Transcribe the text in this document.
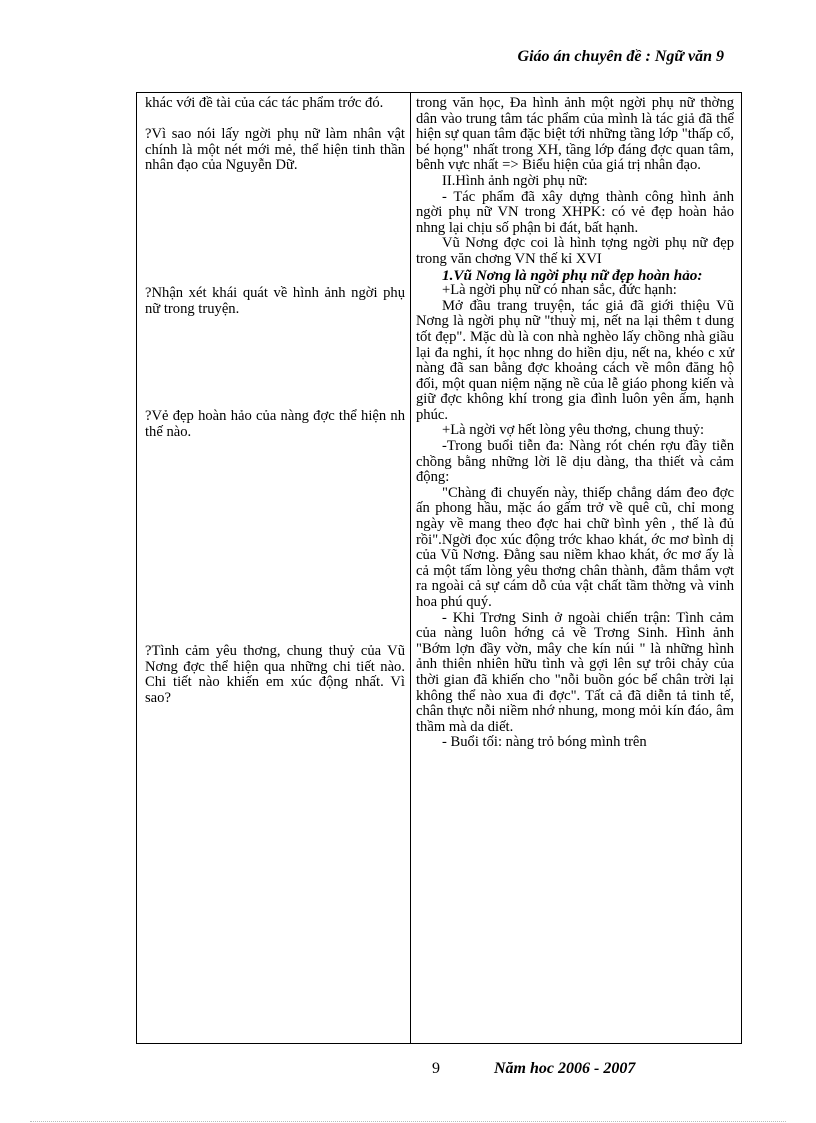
Giáo án chuyên đề : Ngữ văn 9

khác với đề tài của các tác phẩm trớc đó.

?Vì sao nói lấy ngời phụ nữ làm nhân vật chính là một nét mới mẻ, thể hiện tinh thần nhân đạo của Nguyễn Dữ.

?Nhận xét khái quát về hình ảnh ngời phụ nữ trong truyện.

?Vẻ đẹp hoàn hảo của nàng đợc thể hiện nh thế nào.

?Tình cảm yêu thơng, chung thuỷ của Vũ Nơng đợc thể hiện qua những chi tiết nào. Chi tiết nào khiến em xúc động nhất. Vì sao?

trong văn học, Đa hình ảnh một ngời phụ nữ thờng dân vào trung tâm tác phẩm của mình là tác giả đã thể hiện sự quan tâm đặc biệt tới những tầng lớp "thấp cổ, bé họng" nhất trong XH, tầng lớp đáng đợc quan tâm, bênh vực nhất => Biểu hiện của giá trị nhân đạo.

II.Hình ảnh ngời phụ nữ:

- Tác phẩm đã xây dựng thành công hình ảnh ngời phụ nữ VN trong XHPK: có vẻ đẹp hoàn hảo nhng lại chịu số phận bi đát, bất hạnh.

Vũ Nơng đợc coi là hình tợng ngời phụ nữ đẹp trong văn chơng VN thế kỉ XVI

1.Vũ Nơng là ngời phụ nữ đẹp hoàn hảo:

+Là ngời phụ nữ có nhan sắc, đức hạnh:

Mở đầu trang truyện, tác giả đã giới thiệu Vũ Nơng là ngời phụ nữ "thuỳ mị, nết na lại thêm t dung tốt đẹp". Mặc dù là con nhà nghèo lấy chồng nhà giầu lại đa nghi, ít học nhng do hiền dịu, nết na, khéo c xử nàng đã san bằng đợc khoảng cách về môn đăng hộ đối, một quan niệm nặng nề của lễ giáo phong kiến và giữ đợc không khí trong gia đình luôn yên ấm, hạnh phúc.

+Là ngời vợ hết lòng yêu thơng, chung thuỷ:

-Trong buổi tiễn đa: Nàng rót chén rợu đầy tiễn chồng bằng những lời lẽ dịu dàng, tha thiết và cảm động:

"Chàng đi chuyến này, thiếp chẳng dám đeo đợc ấn phong hầu, mặc áo gấm trở về quê cũ, chỉ mong ngày về mang theo đợc hai chữ bình yên , thế là đủ rồi".Ngời đọc xúc động trớc khao khát, ớc mơ bình dị của Vũ Nơng. Đằng sau niềm khao khát, ớc mơ ấy là cả một tấm lòng yêu thơng chân thành, đằm thắm vợt ra ngoài cả sự cám dỗ của vật chất tầm thờng và vinh hoa phú quý.

- Khi Trơng Sinh ở ngoài chiến trận: Tình cảm của nàng luôn hớng cả về Trơng Sinh. Hình ảnh "Bớm lợn đầy vờn, mây che kín núi " là những hình ảnh thiên nhiên hữu tình và gợi lên sự trôi chảy của thời gian đã khiến cho "nỗi buồn góc bể chân trời lại không thể nào xua đi đợc". Tất cả đã diễn tả tinh tế, chân thực nỗi niềm nhớ nhung, mong mỏi kín đáo, âm thầm mà da diết.

- Buổi tối: nàng trỏ bóng mình trên

9	Năm hoc 2006 - 2007
